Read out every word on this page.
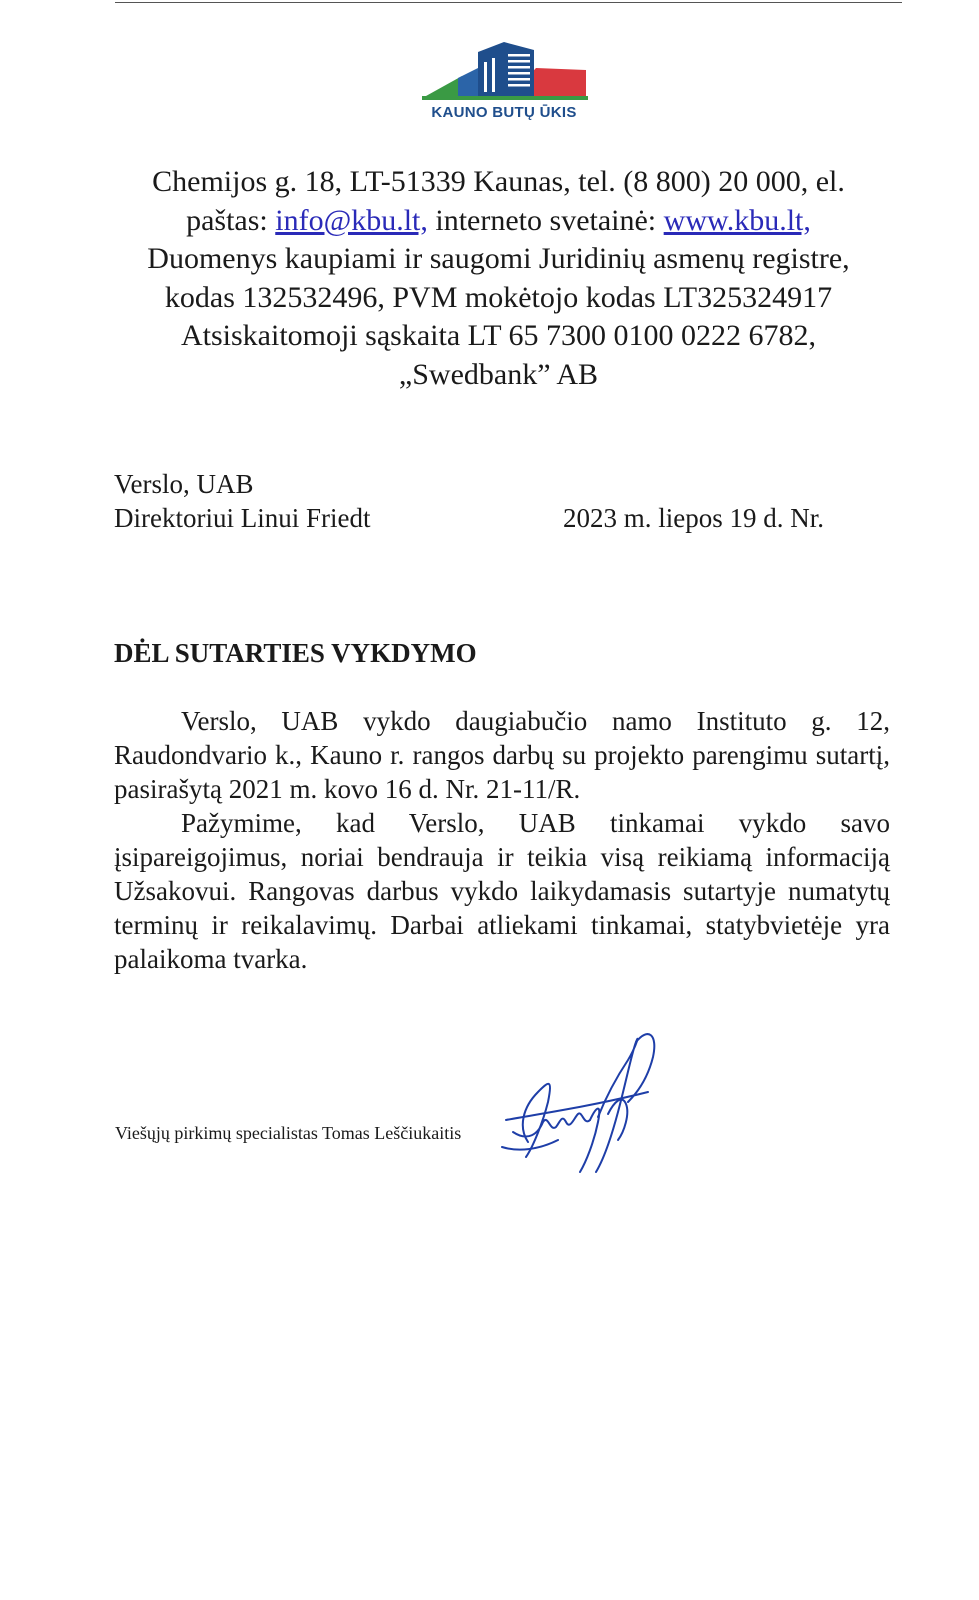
KAUNO BUTŲ ŪKIS
Chemijos g. 18, LT-51339 Kaunas, tel. (8 800) 20 000, el.
paštas: info@kbu.lt, interneto svetainė: www.kbu.lt,
Duomenys kaupiami ir saugomi Juridinių asmenų registre,
kodas 132532496, PVM mokėtojo kodas LT325324917
Atsiskaitomoji sąskaita LT 65 7300 0100 0222 6782,
„Swedbank” AB
Verslo, UAB
Direktoriui Linui Friedt	2023 m. liepos 19 d. Nr.
DĖL SUTARTIES VYKDYMO

Verslo, UAB vykdo daugiabučio namo Instituto g. 12, Raudondvario k., Kauno r. rangos darbų su projekto parengimu sutartį, pasirašytą 2021 m. kovo 16 d. Nr. 21-11/R.

Pažymime, kad Verslo, UAB tinkamai vykdo savo įsipareigojimus, noriai bendrauja ir teikia visą reikiamą informaciją Užsakovui. Rangovas darbus vykdo laikydamasis sutartyje numatytų terminų ir reikalavimų. Darbai atliekami tinkamai, statybvietėje yra palaikoma tvarka.

Viešųjų pirkimų specialistas Tomas Leščiukaitis
